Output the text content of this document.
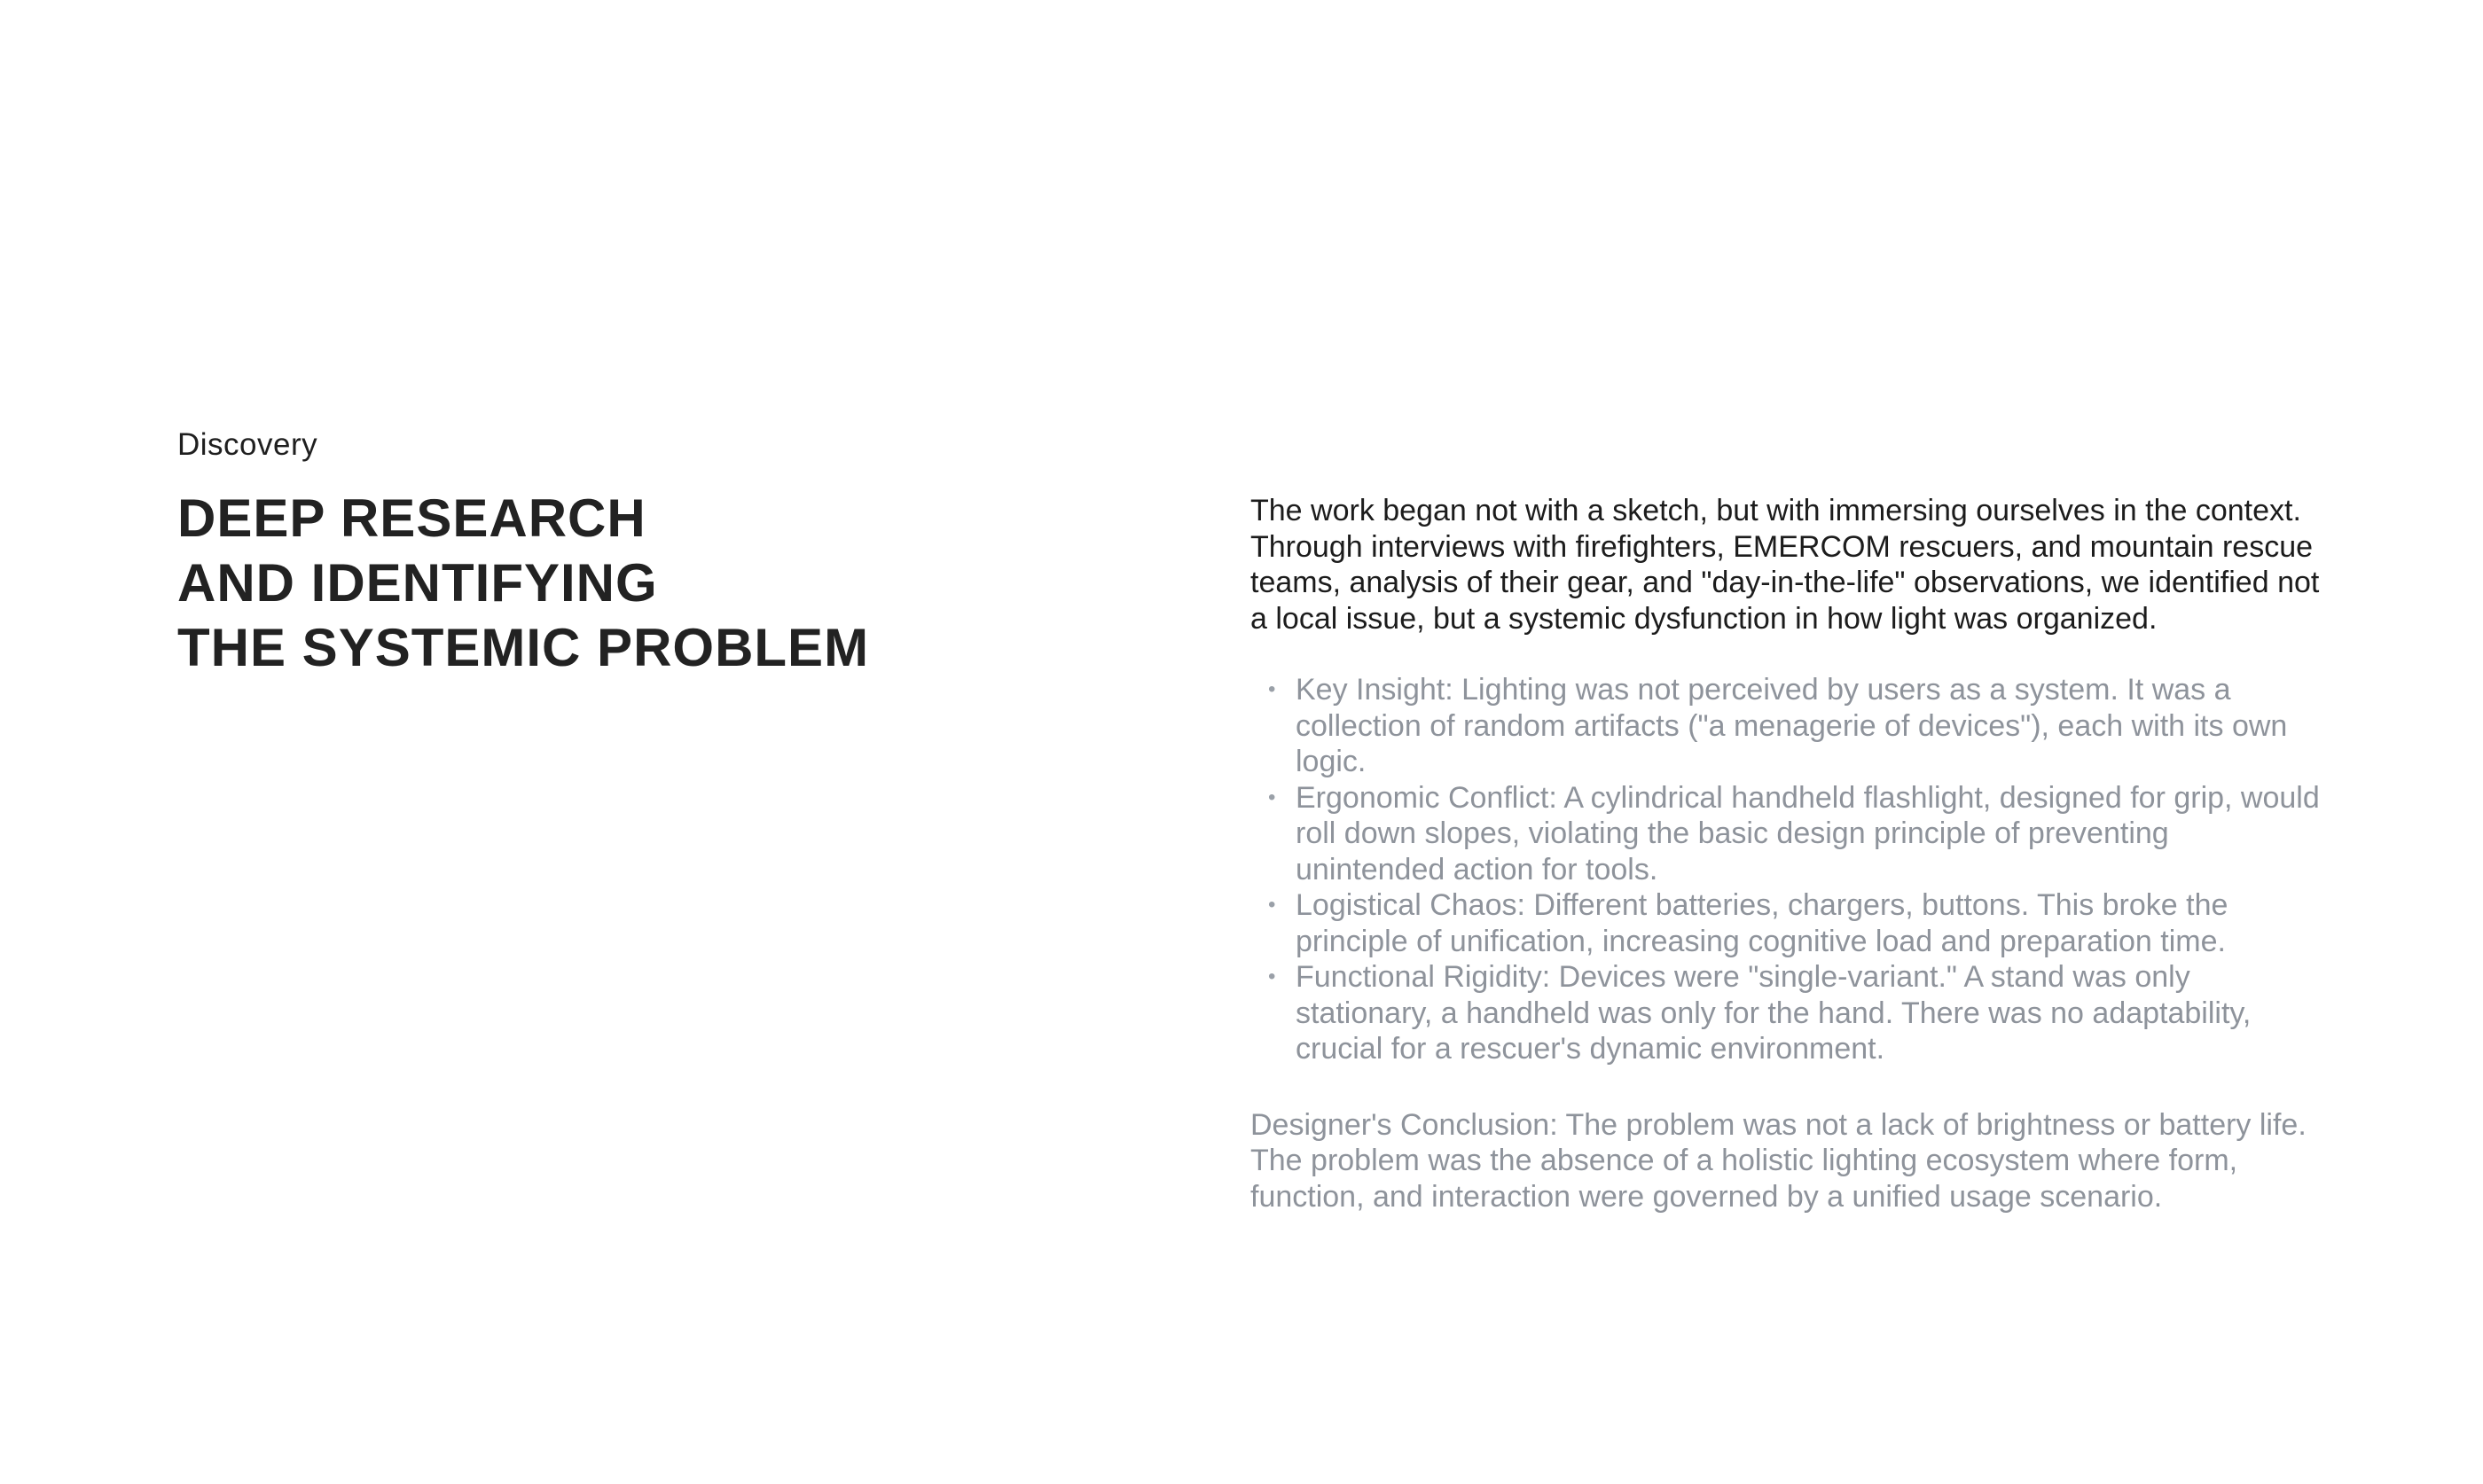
Discovery
DEEP RESEARCH
AND IDENTIFYING
THE SYSTEMIC PROBLEM

The work began not with a sketch, but with immersing ourselves in the context. Through interviews with firefighters, EMERCOM rescuers, and mountain rescue teams, analysis of their gear, and "day-in-the-life" observations, we identified not a local issue, but a systemic dysfunction in how light was organized.

• Key Insight: Lighting was not perceived by users as a system. It was a collection of random artifacts ("a menagerie of devices"), each with its own logic.
• Ergonomic Conflict: A cylindrical handheld flashlight, designed for grip, would roll down slopes, violating the basic design principle of preventing unintended action for tools.
• Logistical Chaos: Different batteries, chargers, buttons. This broke the principle of unification, increasing cognitive load and preparation time.
• Functional Rigidity: Devices were "single-variant." A stand was only stationary, a handheld was only for the hand. There was no adaptability, crucial for a rescuer's dynamic environment.

Designer's Conclusion: The problem was not a lack of brightness or battery life. The problem was the absence of a holistic lighting ecosystem where form, function, and interaction were governed by a unified usage scenario.
